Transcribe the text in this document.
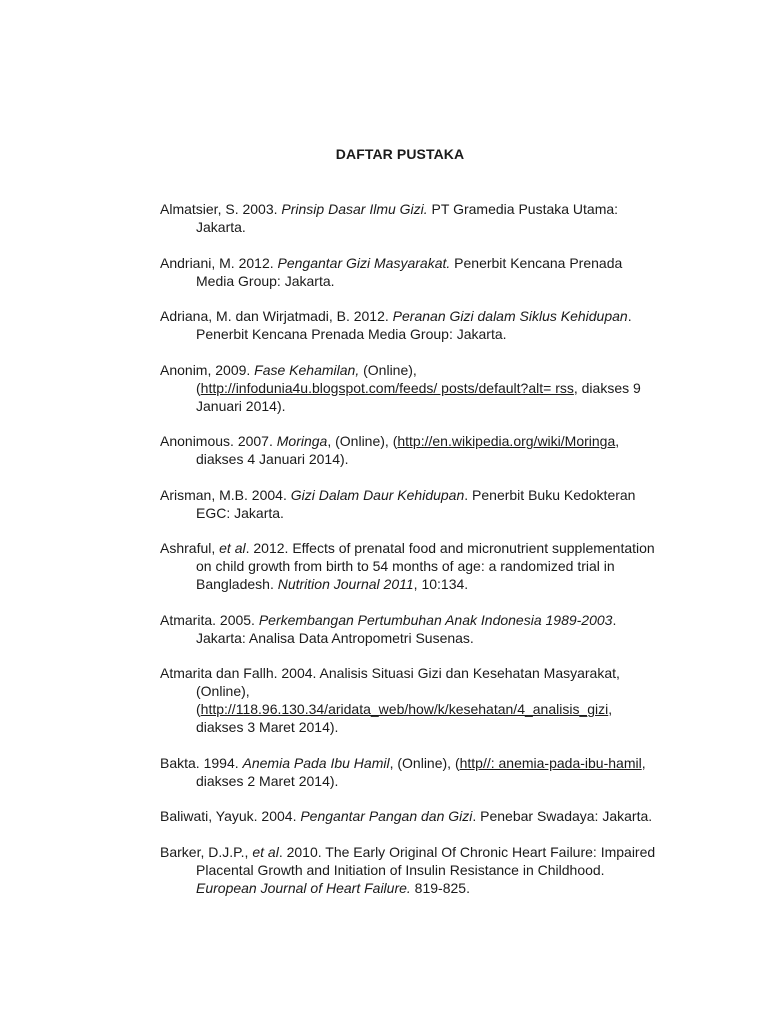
DAFTAR PUSTAKA

Almatsier, S. 2003. Prinsip Dasar Ilmu Gizi. PT Gramedia Pustaka Utama: Jakarta.

Andriani, M. 2012. Pengantar Gizi Masyarakat. Penerbit Kencana Prenada Media Group: Jakarta.

Adriana, M. dan Wirjatmadi, B. 2012. Peranan Gizi dalam Siklus Kehidupan. Penerbit Kencana Prenada Media Group: Jakarta.

Anonim, 2009. Fase Kehamilan, (Online), (http://infodunia4u.blogspot.com/feeds/ posts/default?alt= rss, diakses 9 Januari 2014).

Anonimous. 2007. Moringa, (Online), (http://en.wikipedia.org/wiki/Moringa, diakses 4 Januari 2014).

Arisman, M.B. 2004. Gizi Dalam Daur Kehidupan. Penerbit Buku Kedokteran EGC: Jakarta.

Ashraful, et al. 2012. Effects of prenatal food and micronutrient supplementation on child growth from birth to 54 months of age: a randomized trial in Bangladesh. Nutrition Journal 2011, 10:134.

Atmarita. 2005. Perkembangan Pertumbuhan Anak Indonesia 1989-2003. Jakarta: Analisa Data Antropometri Susenas.

Atmarita dan Fallh. 2004. Analisis Situasi Gizi dan Kesehatan Masyarakat, (Online), (http://118.96.130.34/aridata_web/how/k/kesehatan/4_analisis_gizi, diakses 3 Maret 2014).

Bakta. 1994. Anemia Pada Ibu Hamil, (Online), (http//: anemia-pada-ibu-hamil, diakses 2 Maret 2014).

Baliwati, Yayuk. 2004. Pengantar Pangan dan Gizi. Penebar Swadaya: Jakarta.

Barker, D.J.P., et al. 2010. The Early Original Of Chronic Heart Failure: Impaired Placental Growth and Initiation of Insulin Resistance in Childhood. European Journal of Heart Failure. 819-825.
